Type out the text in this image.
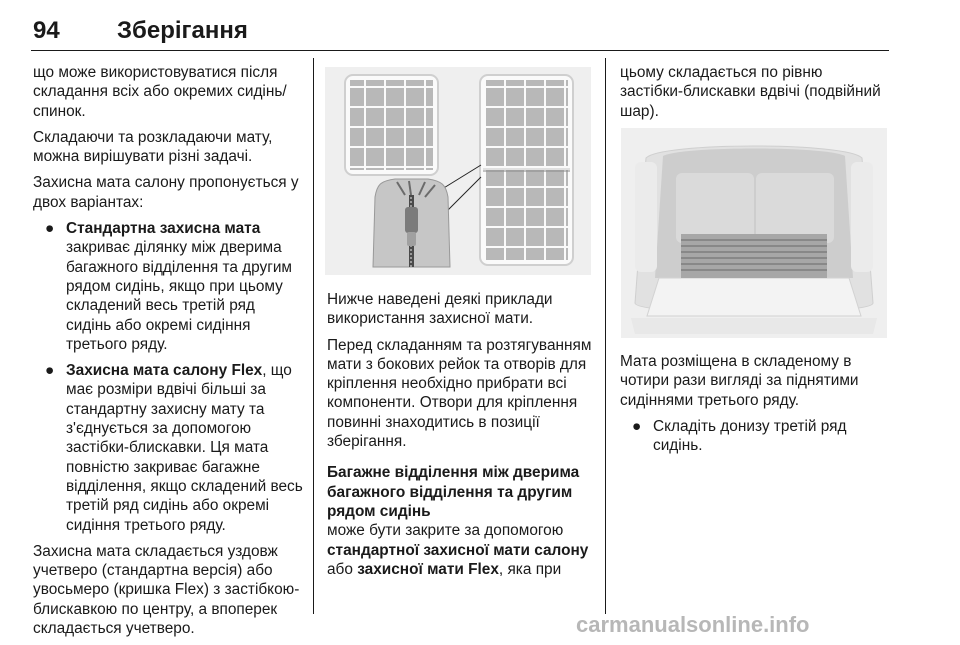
94 Зберігання

що може використовуватися після складання всіх або окремих сидінь/спинок.

Складаючи та розкладаючи мату, можна вирішувати різні задачі.

Захисна мата салону пропонується у двох варіантах:

● Стандартна захисна мата
закриває ділянку між дверима багажного відділення та другим рядом сидінь, якщо при цьому складений весь третій ряд сидінь або окремі сидіння третього ряду.
● Захисна мата салону Flex, що має розміри вдвічі більші за стандартну захисну мату та з'єднується за допомогою застібки-блискавки. Ця мата повністю закриває багажне відділення, якщо складений весь третій ряд сидінь або окремі сидіння третього ряду.

Захисна мата складається уздовж учетверо (стандартна версія) або увосьмеро (кришка Flex) з застібкою-блискавкою по центру, а впоперек складається учетверо.

Нижче наведені деякі приклади використання захисної мати.

Перед складанням та розтягуванням мати з бокових рейок та отворів для кріплення необхідно прибрати всі компоненти. Отвори для кріплення повинні знаходитись в позиції зберігання.

Багажне відділення між дверима багажного відділення та другим рядом сидінь

може бути закрите за допомогою стандартної захисної мати салону або захисної мати Flex, яка при

цьому складається по рівню застібки-блискавки вдвічі (подвійний шар).

Мата розміщена в складеному в чотири рази вигляді за піднятими сидіннями третього ряду.

● Складіть донизу третій ряд сидінь.
carmanualsonline.info
